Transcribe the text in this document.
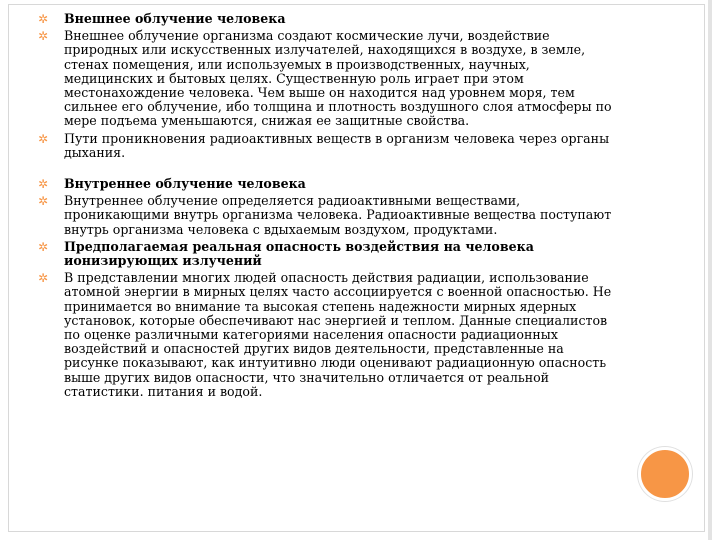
✲ Внешнее облучение человека
✲ Внешнее облучение организма создают космические лучи, воздействие природных или искусственных излучателей, находящихся в воздухе, в земле, стенах помещения, или используемых в производственных, научных, медицинских и бытовых целях. Существенную роль играет при этом местонахождение человека. Чем выше он находится над уровнем моря, тем сильнее его облучение, ибо толщина и плотность воздушного слоя атмосферы по мере подъема уменьшаются, снижая ее защитные свойства.
✲ Пути проникновения радиоактивных веществ в организм человека через органы дыхания.
✲ Внутреннее облучение человека
✲ Внутреннее облучение определяется радиоактивными веществами, проникающими внутрь организма человека. Радиоактивные вещества поступают внутрь организма человека с вдыхаемым воздухом, продуктами.
✲ Предполагаемая реальная опасность воздействия на человека ионизирующих излучений
✲ В представлении многих людей опасность действия радиации, использование атомной энергии в мирных целях часто ассоциируется с военной опасностью. Не принимается во внимание та высокая степень надежности мирных ядерных установок, которые обеспечивают нас энергией и теплом. Данные специалистов по оценке различными категориями населения опасности радиационных воздействий и опасностей других видов деятельности, представленные на рисунке показывают, как интуитивно люди оценивают радиационную опасность выше других видов опасности, что значительно отличается от реальной статистики. питания и водой.
